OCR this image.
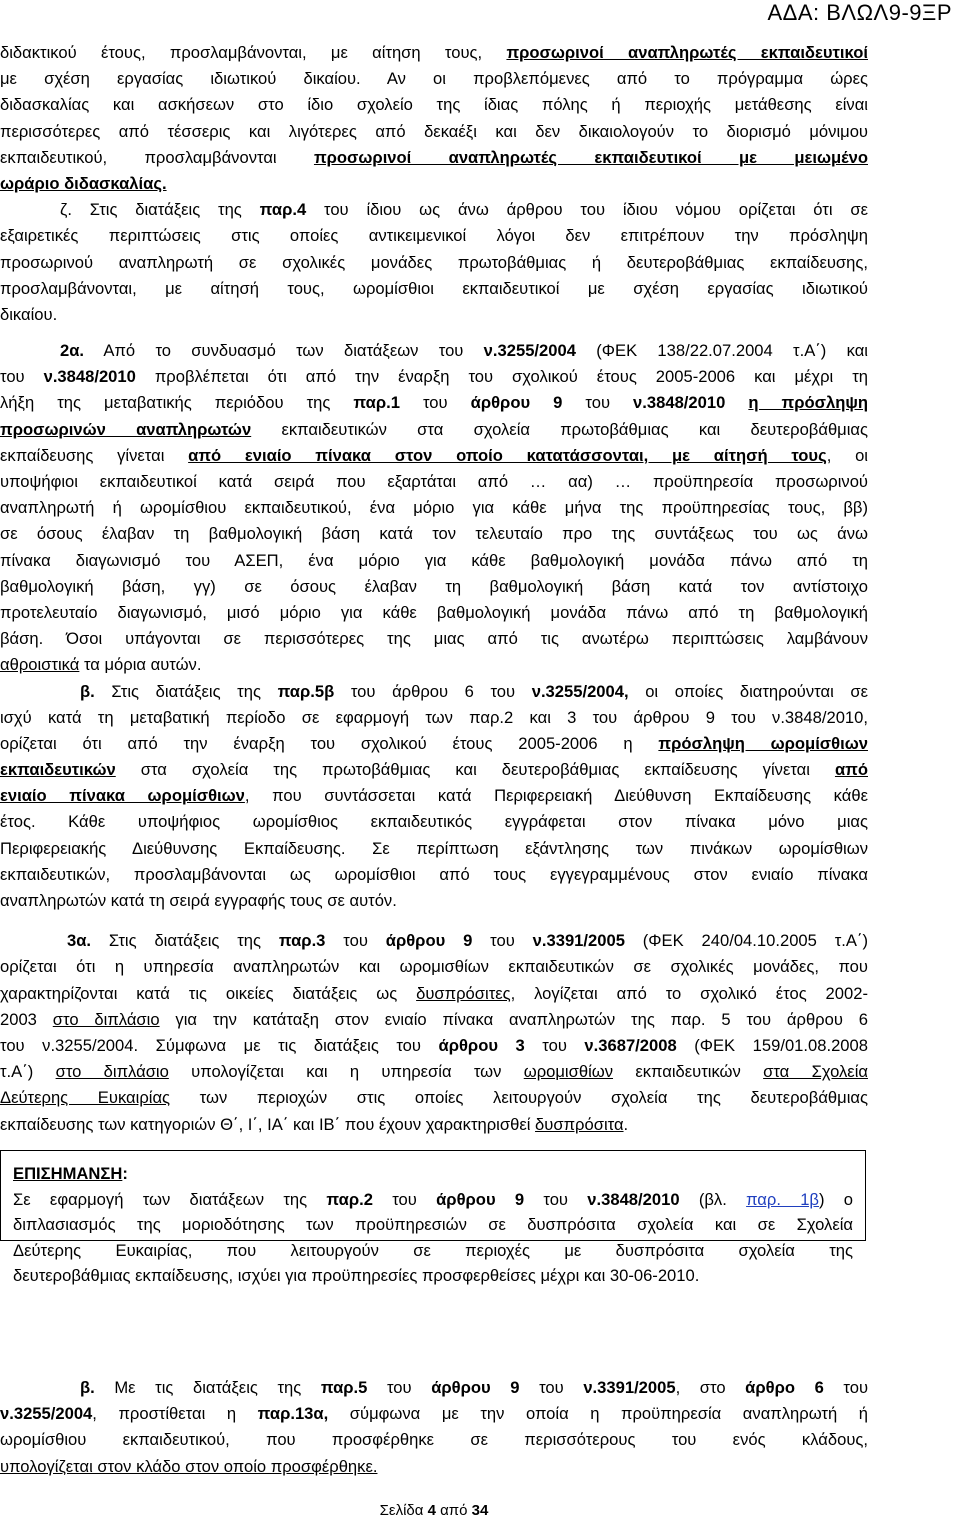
ΑΔΑ: ΒΛΩΛ9-9ΞΡ
διδακτικού έτους, προσλαμβάνονται, με αίτηση τους, προσωρινοί αναπληρωτές εκπαιδευτικοί
με σχέση εργασίας ιδιωτικού δικαίου. Αν οι προβλεπόμενες από το πρόγραμμα ώρες
διδασκαλίας και ασκήσεων στο ίδιο σχολείο της ίδιας πόλης ή περιοχής μετάθεσης είναι
περισσότερες από τέσσερις και λιγότερες από δεκαέξι και δεν δικαιολογούν το διορισμό μόνιμου
εκπαιδευτικού, προσλαμβάνονται προσωρινοί αναπληρωτές εκπαιδευτικοί με μειωμένο
ωράριο διδασκαλίας.
ζ. Στις διατάξεις της παρ.4 του ίδιου ως άνω άρθρου του ίδιου νόμου ορίζεται ότι σε
εξαιρετικές περιπτώσεις στις οποίες αντικειμενικοί λόγοι δεν επιτρέπουν την πρόσληψη
προσωρινού αναπληρωτή σε σχολικές μονάδες πρωτοβάθμιας ή δευτεροβάθμιας εκπαίδευσης,
προσλαμβάνονται, με αίτησή τους, ωρομίσθιοι εκπαιδευτικοί με σχέση εργασίας ιδιωτικού
δικαίου.
2α. Από το συνδυασμό των διατάξεων του ν.3255/2004 (ΦΕΚ 138/22.07.2004 τ.Α΄) και
του ν.3848/2010 προβλέπεται ότι από την έναρξη του σχολικού έτους 2005-2006 και μέχρι τη
λήξη της μεταβατικής περιόδου της παρ.1 του άρθρου 9 του ν.3848/2010 η πρόσληψη
προσωρινών αναπληρωτών εκπαιδευτικών στα σχολεία πρωτοβάθμιας και δευτεροβάθμιας
εκπαίδευσης γίνεται από ενιαίο πίνακα στον οποίο κατατάσσονται, με αίτησή τους, οι
υποψήφιοι εκπαιδευτικοί κατά σειρά που εξαρτάται από … αα) … προϋπηρεσία προσωρινού
αναπληρωτή ή ωρομίσθιου εκπαιδευτικού, ένα μόριο για κάθε μήνα της προϋπηρεσίας τους, ββ)
σε όσους έλαβαν τη βαθμολογική βάση κατά τον τελευταίο προ της συντάξεως του ως άνω
πίνακα διαγωνισμό του ΑΣΕΠ, ένα μόριο για κάθε βαθμολογική μονάδα πάνω από τη
βαθμολογική βάση, γγ) σε όσους έλαβαν τη βαθμολογική βάση κατά τον αντίστοιχο
προτελευταίο διαγωνισμό, μισό μόριο για κάθε βαθμολογική μονάδα πάνω από τη βαθμολογική
βάση. Όσοι υπάγονται σε περισσότερες της μιας από τις ανωτέρω περιπτώσεις λαμβάνουν
αθροιστικά τα μόρια αυτών.
β. Στις διατάξεις της παρ.5β του άρθρου 6 του ν.3255/2004, οι οποίες διατηρούνται σε
ισχύ κατά τη μεταβατική περίοδο σε εφαρμογή των παρ.2 και 3 του άρθρου 9 του ν.3848/2010,
ορίζεται ότι από την έναρξη του σχολικού έτους 2005-2006 η πρόσληψη ωρομίσθιων
εκπαιδευτικών στα σχολεία της πρωτοβάθμιας και δευτεροβάθμιας εκπαίδευσης γίνεται από
ενιαίο πίνακα ωρομίσθιων, που συντάσσεται κατά Περιφερειακή Διεύθυνση Εκπαίδευσης κάθε
έτος. Κάθε υποψήφιος ωρομίσθιος εκπαιδευτικός εγγράφεται στον πίνακα μόνο μιας
Περιφερειακής Διεύθυνσης Εκπαίδευσης. Σε περίπτωση εξάντλησης των πινάκων ωρομίσθιων
εκπαιδευτικών, προσλαμβάνονται ως ωρομίσθιοι από τους εγγεγραμμένους στον ενιαίο πίνακα
αναπληρωτών κατά τη σειρά εγγραφής τους σε αυτόν.
3α. Στις διατάξεις της παρ.3 του άρθρου 9 του ν.3391/2005 (ΦΕΚ 240/04.10.2005 τ.Α΄)
ορίζεται ότι η υπηρεσία αναπληρωτών και ωρομισθίων εκπαιδευτικών σε σχολικές μονάδες, που
χαρακτηρίζονται κατά τις οικείες διατάξεις ως δυσπρόσιτες, λογίζεται από το σχολικό έτος 2002-
2003 στο διπλάσιο για την κατάταξη στον ενιαίο πίνακα αναπληρωτών της παρ. 5 του άρθρου 6
του ν.3255/2004. Σύμφωνα με τις διατάξεις του άρθρου 3 του ν.3687/2008 (ΦΕΚ 159/01.08.2008
τ.Α΄) στο διπλάσιο υπολογίζεται και η υπηρεσία των ωρομισθίων εκπαιδευτικών στα Σχολεία
Δεύτερης Ευκαιρίας των περιοχών στις οποίες λειτουργούν σχολεία της δευτεροβάθμιας
εκπαίδευσης των κατηγοριών Θ΄, Ι΄, ΙΑ΄ και ΙΒ΄ που έχουν χαρακτηρισθεί δυσπρόσιτα.
ΕΠΙΣΗΜΑΝΣΗ:
Σε εφαρμογή των διατάξεων της παρ.2 του άρθρου 9 του ν.3848/2010 (βλ. παρ. 1β) ο
διπλασιασμός της μοριοδότησης των προϋπηρεσιών σε δυσπρόσιτα σχολεία και σε Σχολεία
Δεύτερης Ευκαιρίας, που λειτουργούν σε περιοχές με δυσπρόσιτα σχολεία της
δευτεροβάθμιας εκπαίδευσης, ισχύει για προϋπηρεσίες προσφερθείσες μέχρι και 30-06-2010.
β. Με τις διατάξεις της παρ.5 του άρθρου 9 του ν.3391/2005, στο άρθρο 6 του
ν.3255/2004, προστίθεται η παρ.13α, σύμφωνα με την οποία η προϋπηρεσία αναπληρωτή ή
ωρομίσθιου εκπαιδευτικού, που προσφέρθηκε σε περισσότερους του ενός κλάδους,
υπολογίζεται στον κλάδο στον οποίο προσφέρθηκε.
Σελίδα 4 από 34
